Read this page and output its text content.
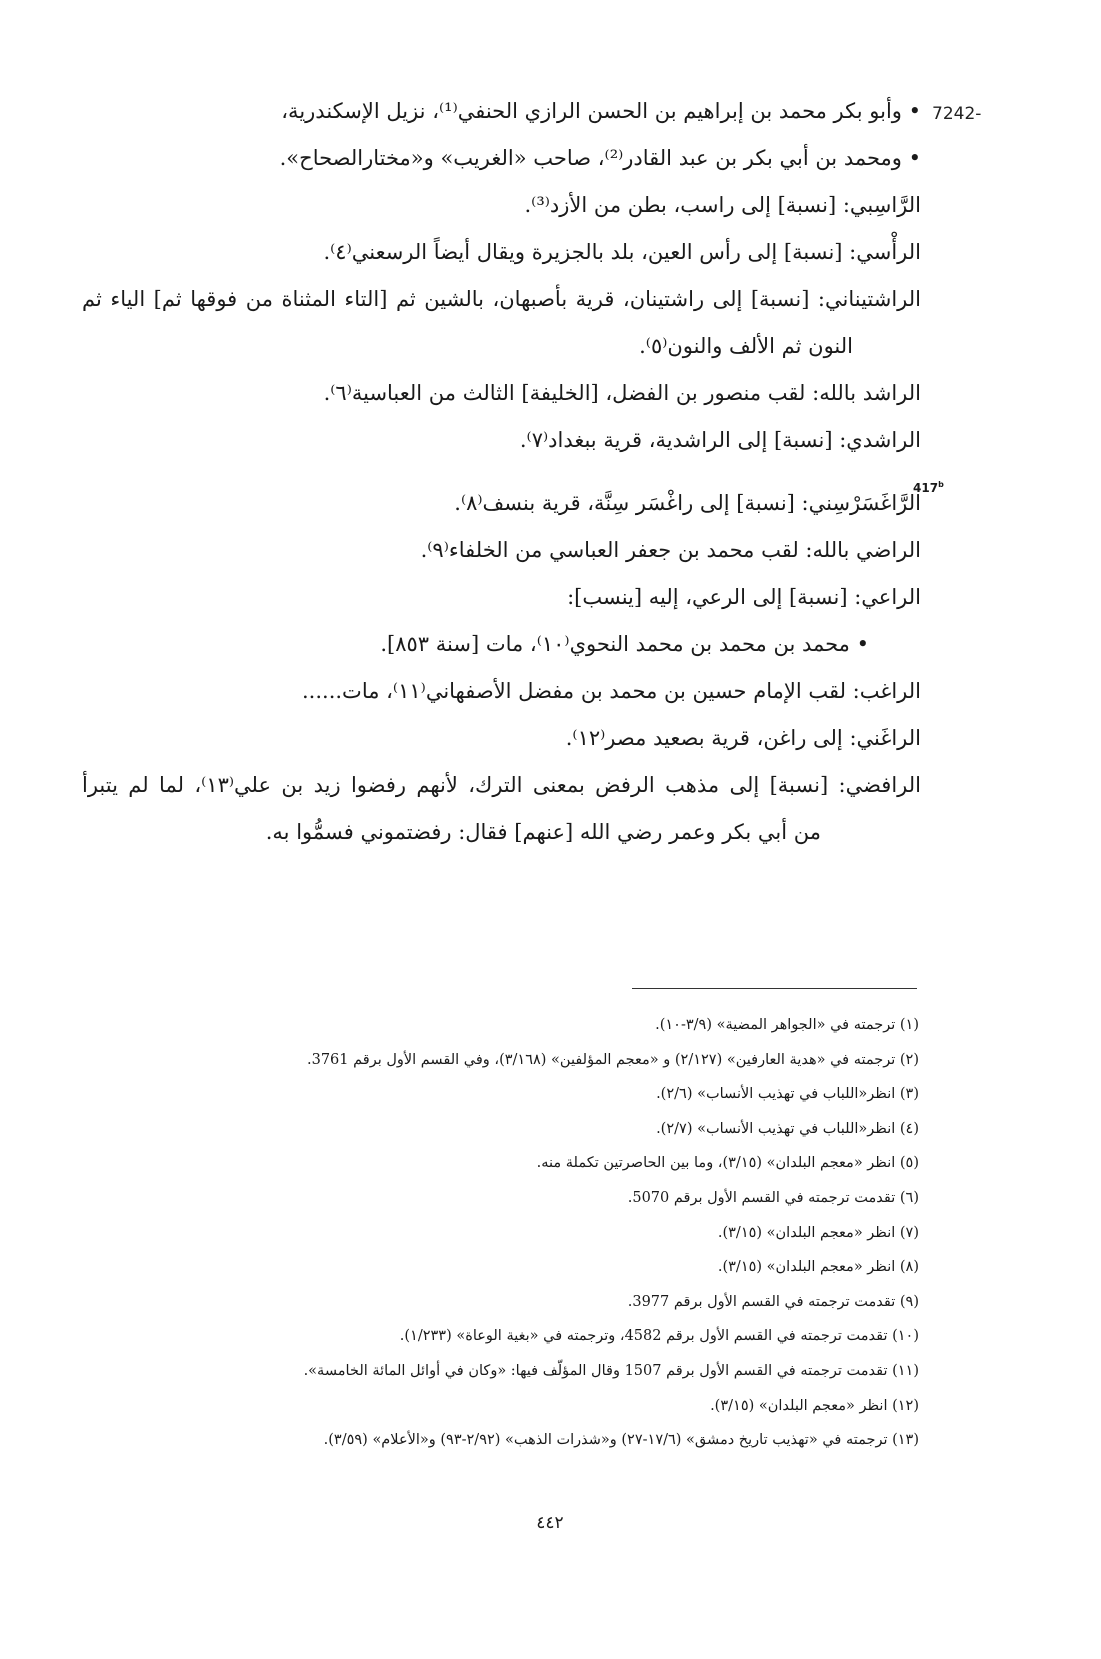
7242-
• وأبو بكر محمد بن إبراهيم بن الحسن الرازي الحنفي⁽¹⁾، نزيل الإسكندرية،
• ومحمد بن أبي بكر بن عبد القادر⁽²⁾، صاحب «الغريب» و«مختارالصحاح».
الرَّاسِبي: [نسبة] إلى راسب، بطن من الأزد⁽³⁾.
الرأْسي: [نسبة] إلى رأس العين، بلد بالجزيرة ويقال أيضاً الرسعني⁽٤⁾.
الراشتيناني: [نسبة] إلى راشتينان، قرية بأصبهان، بالشين ثم [التاء المثناة من فوقها ثم] الياء ثم
النون ثم الألف والنون⁽٥⁾.
الراشد بالله: لقب منصور بن الفضل، [الخليفة] الثالث من العباسية⁽٦⁾.
الراشدي: [نسبة] إلى الراشدية، قرية ببغداد⁽٧⁾.
الرَّاغَسَرْسِني: [نسبة] إلى راغْسَر سِنَّة، قرية بنسف⁽٨⁾.
الراضي بالله: لقب محمد بن جعفر العباسي من الخلفاء⁽٩⁾.
الراعي: [نسبة] إلى الرعي، إليه [ينسب]:
• محمد بن محمد بن محمد النحوي⁽١٠⁾، مات [سنة ٨٥٣].
الراغب: لقب الإمام حسين بن محمد بن مفضل الأصفهاني⁽١١⁾، مات......
الراغَني: إلى راغن، قرية بصعيد مصر⁽١٢⁾.
الرافضي: [نسبة] إلى مذهب الرفض بمعنى الترك، لأنهم رفضوا زيد بن علي⁽١٣⁾، لما لم يتبرأ
من أبي بكر وعمر رضي الله [عنهم] فقال: رفضتموني فسمُّوا به.
417$^b$
(١) ترجمته في «الجواهر المضية» (٣/٩-١٠).
(٢) ترجمته في «هدية العارفين» (٢/١٢٧) و «معجم المؤلفين» (٣/١٦٨)، وفي القسم الأول برقم 3761.
(٣) انظر«اللباب في تهذيب الأنساب» (٢/٦).
(٤) انظر«اللباب في تهذيب الأنساب» (٢/٧).
(٥) انظر «معجم البلدان» (٣/١٥)، وما بين الحاصرتين تكملة منه.
(٦) تقدمت ترجمته في القسم الأول برقم 5070.
(٧) انظر «معجم البلدان» (٣/١٥).
(٨) انظر «معجم البلدان» (٣/١٥).
(٩) تقدمت ترجمته في القسم الأول برقم 3977.
(١٠) تقدمت ترجمته في القسم الأول برقم 4582، وترجمته في «بغية الوعاة» (١/٢٣٣).
(١١) تقدمت ترجمته في القسم الأول برقم 1507 وقال المؤلّف فيها: «وكان في أوائل المائة الخامسة».
(١٢) انظر «معجم البلدان» (٣/١٥).
(١٣) ترجمته في «تهذيب تاريخ دمشق» (١٧/٦-٢٧) و«شذرات الذهب» (٢/٩٢-٩٣) و«الأعلام» (٣/٥٩).
٤٤٢
